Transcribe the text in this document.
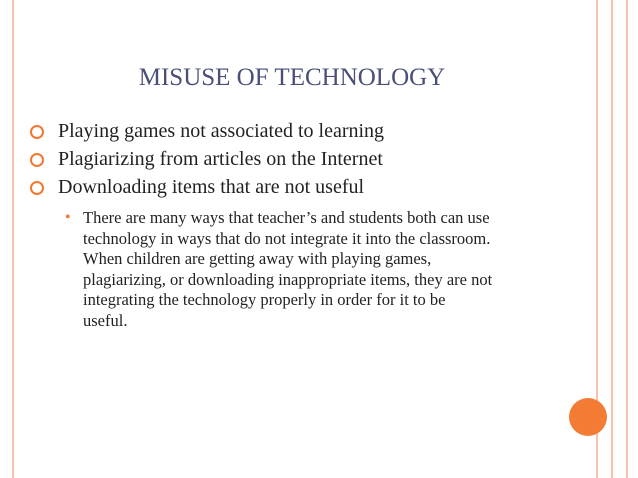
MISUSE OF TECHNOLOGY
Playing games not associated to learning
Plagiarizing from articles on the Internet
Downloading items that are not useful
• There are many ways that teacher’s and students both can use
technology in ways that do not integrate it into the classroom.
When children are getting away with playing games,
plagiarizing, or downloading inappropriate items, they are not
integrating the technology properly in order for it to be
useful.
